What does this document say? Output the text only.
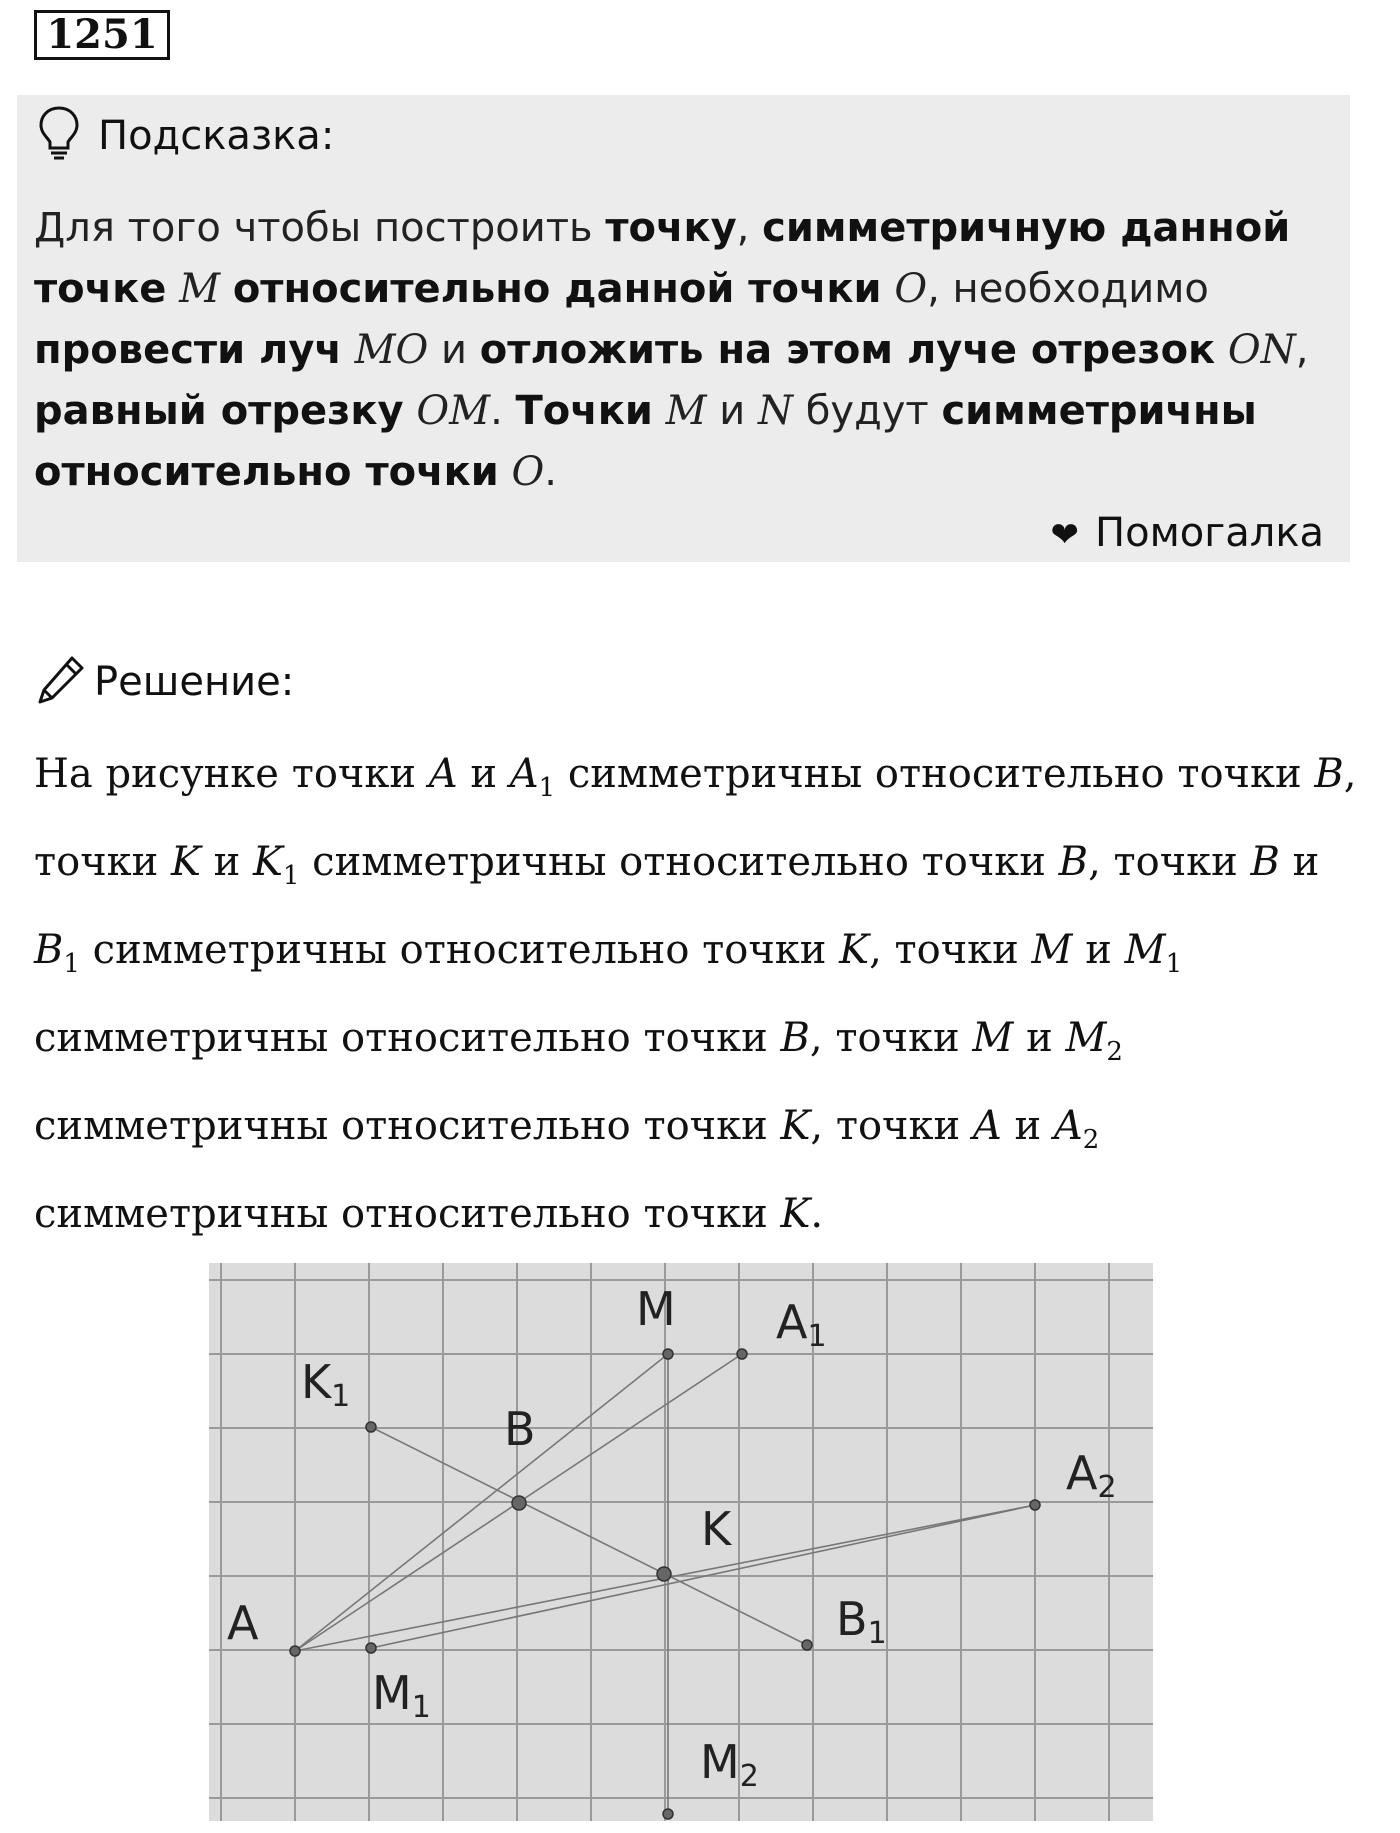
1251
Подсказка:
Для того чтобы построить точку, симметричную данной точке M относительно данной точки O, необходимо провести луч MO и отложить на этом луче отрезок ON, равный отрезку OM. Точки M и N будут симметричны относительно точки O.
❤ Помогалка
Решение:
На рисунке точки A и $A_1$ симметричны относительно точки B, точки K и $K_1$ симметричны относительно точки B, точки B и $B_1$ симметричны относительно точки K, точки M и $M_1$ симметричны относительно точки B, точки M и $M_2$ симметричны относительно точки K, точки A и $A_2$ симметричны относительно точки K.
M A1
K1
B
A2
K
A	B1
M1
M2
